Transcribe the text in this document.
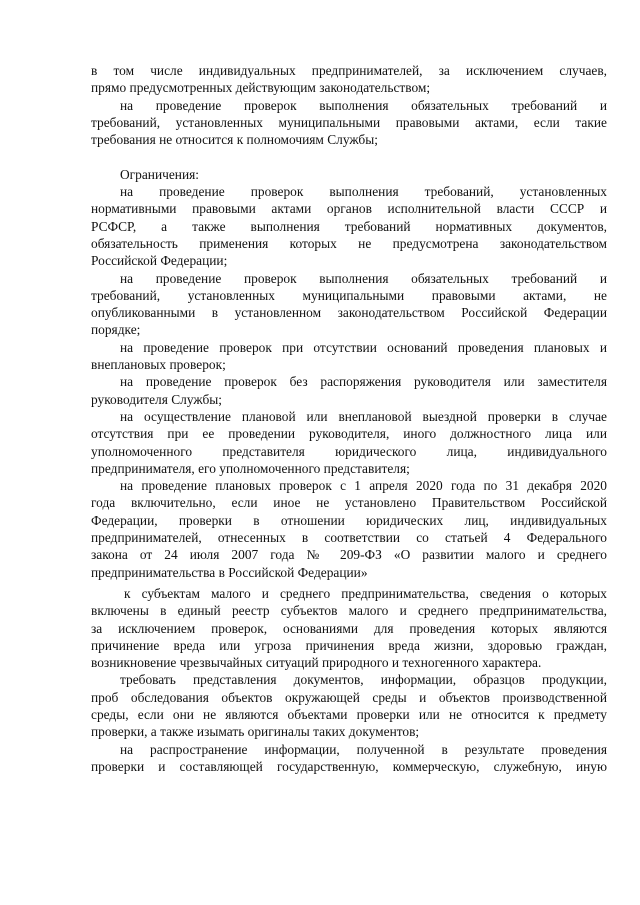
в том числе индивидуальных предпринимателей, за исключением случаев,
прямо предусмотренных действующим законодательством;
на проведение проверок выполнения обязательных требований и
требований, установленных муниципальными правовыми актами, если такие
требования не относится к полномочиям Службы;
Ограничения:
на проведение проверок выполнения требований, установленных
нормативными правовыми актами органов исполнительной власти СССР и
РСФСР, а также выполнения требований нормативных документов,
обязательность применения которых не предусмотрена законодательством
Российской Федерации;
на проведение проверок выполнения обязательных требований и
требований, установленных муниципальными правовыми актами, не
опубликованными в установленном законодательством Российской Федерации
порядке;
на проведение проверок при отсутствии оснований проведения плановых и
внеплановых проверок;
на проведение проверок без распоряжения руководителя или заместителя
руководителя Службы;
на осуществление плановой или внеплановой выездной проверки в случае
отсутствия при ее проведении руководителя, иного должностного лица или
уполномоченного представителя юридического лица, индивидуального
предпринимателя, его уполномоченного представителя;
на проведение плановых проверок с 1 апреля 2020 года по 31 декабря 2020
года включительно, если иное не установлено Правительством Российской
Федерации, проверки в отношении юридических лиц, индивидуальных
предпринимателей, отнесенных в соответствии со статьей 4 Федерального
закона от 24 июля 2007 года № 209-ФЗ «О развитии малого и среднего
предпринимательства в Российской Федерации»
к субъектам малого и среднего предпринимательства, сведения о которых
включены в единый реестр субъектов малого и среднего предпринимательства,
за исключением проверок, основаниями для проведения которых являются
причинение вреда или угроза причинения вреда жизни, здоровью граждан,
возникновение чрезвычайных ситуаций природного и техногенного характера.
требовать представления документов, информации, образцов продукции,
проб обследования объектов окружающей среды и объектов производственной
среды, если они не являются объектами проверки или не относится к предмету
проверки, а также изымать оригиналы таких документов;
на распространение информации, полученной в результате проведения
проверки и составляющей государственную, коммерческую, служебную, иную
